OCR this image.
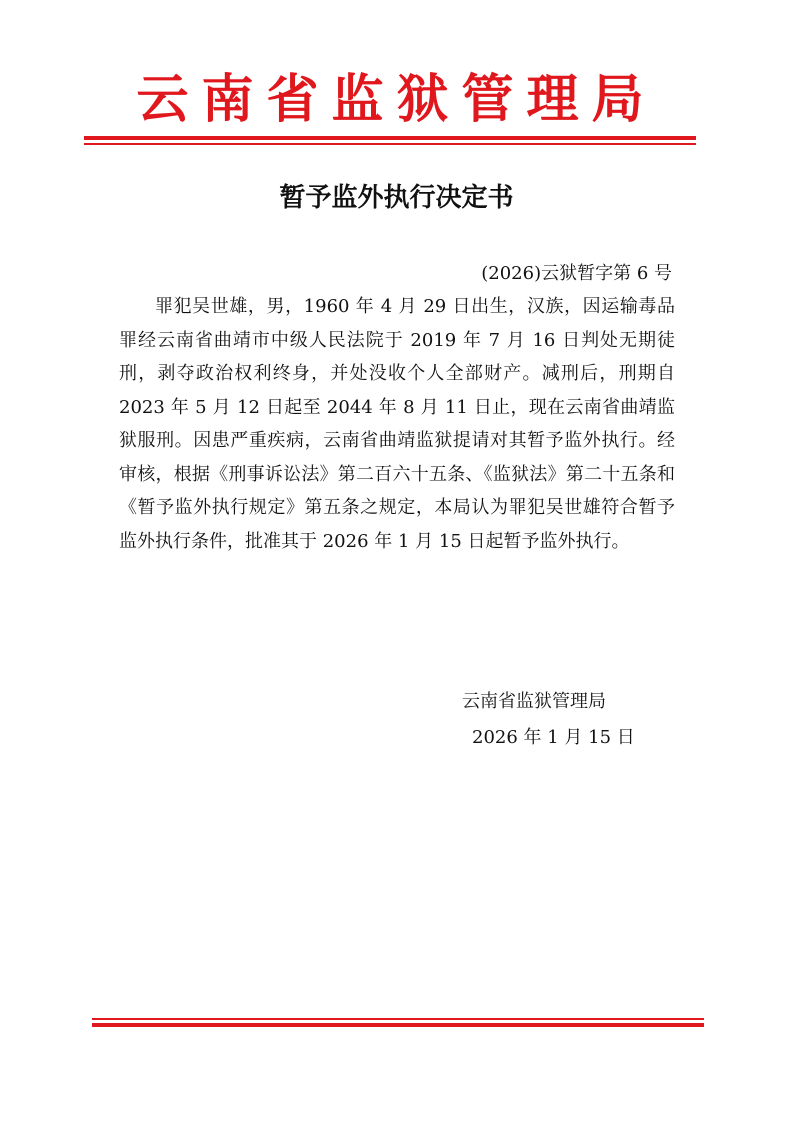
云南省监狱管理局
暂予监外执行决定书
(2026)云狱暂字第 6 号

罪犯吴世雄，男，1960 年 4 月 29 日出生，汉族，因运输毒品罪经云南省曲靖市中级人民法院于 2019 年 7 月 16 日判处无期徒刑，剥夺政治权利终身，并处没收个人全部财产。减刑后，刑期自 2023 年 5 月 12 日起至 2044 年 8 月 11 日止，现在云南省曲靖监狱服刑。因患严重疾病，云南省曲靖监狱提请对其暂予监外执行。经审核，根据《刑事诉讼法》第二百六十五条、《监狱法》第二十五条和《暂予监外执行规定》第五条之规定，本局认为罪犯吴世雄符合暂予监外执行条件，批准其于 2026 年 1 月 15 日起暂予监外执行。

云南省监狱管理局
2026 年 1 月 15 日
